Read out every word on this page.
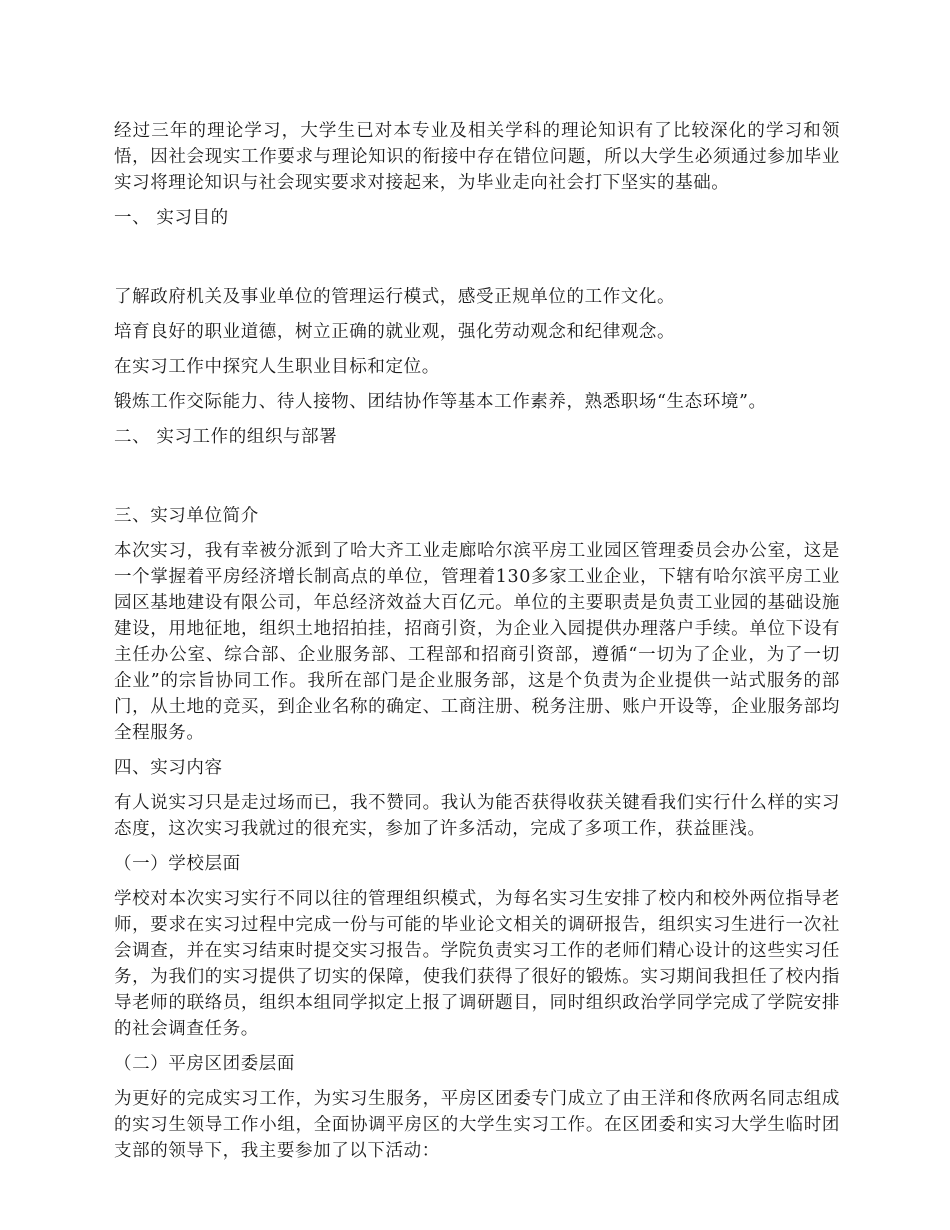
经过三年的理论学习，大学生已对本专业及相关学科的理论知识有了比较深化的学习和领悟，因社会现实工作要求与理论知识的衔接中存在错位问题，所以大学生必须通过参加毕业实习将理论知识与社会现实要求对接起来，为毕业走向社会打下坚实的基础。

一、 实习目的

了解政府机关及事业单位的管理运行模式，感受正规单位的工作文化。

培育良好的职业道德，树立正确的就业观，强化劳动观念和纪律观念。

在实习工作中探究人生职业目标和定位。

锻炼工作交际能力、待人接物、团结协作等基本工作素养，熟悉职场“生态环境”。

二、 实习工作的组织与部署

三、实习单位简介

本次实习，我有幸被分派到了哈大齐工业走廊哈尔滨平房工业园区管理委员会办公室，这是一个掌握着平房经济增长制高点的单位，管理着130多家工业企业，下辖有哈尔滨平房工业园区基地建设有限公司，年总经济效益大百亿元。单位的主要职责是负责工业园的基础设施建设，用地征地，组织土地招拍挂，招商引资，为企业入园提供办理落户手续。单位下设有主任办公室、综合部、企业服务部、工程部和招商引资部，遵循“一切为了企业，为了一切企业”的宗旨协同工作。我所在部门是企业服务部，这是个负责为企业提供一站式服务的部门，从土地的竞买，到企业名称的确定、工商注册、税务注册、账户开设等，企业服务部均全程服务。

四、实习内容

有人说实习只是走过场而已，我不赞同。我认为能否获得收获关键看我们实行什么样的实习态度，这次实习我就过的很充实，参加了许多活动，完成了多项工作，获益匪浅。

（一）学校层面

学校对本次实习实行不同以往的管理组织模式，为每名实习生安排了校内和校外两位指导老师，要求在实习过程中完成一份与可能的毕业论文相关的调研报告，组织实习生进行一次社会调查，并在实习结束时提交实习报告。学院负责实习工作的老师们精心设计的这些实习任务，为我们的实习提供了切实的保障，使我们获得了很好的锻炼。实习期间我担任了校内指导老师的联络员，组织本组同学拟定上报了调研题目，同时组织政治学同学完成了学院安排的社会调查任务。

（二）平房区团委层面

为更好的完成实习工作，为实习生服务，平房区团委专门成立了由王洋和佟欣两名同志组成的实习生领导工作小组，全面协调平房区的大学生实习工作。在区团委和实习大学生临时团支部的领导下，我主要参加了以下活动：
